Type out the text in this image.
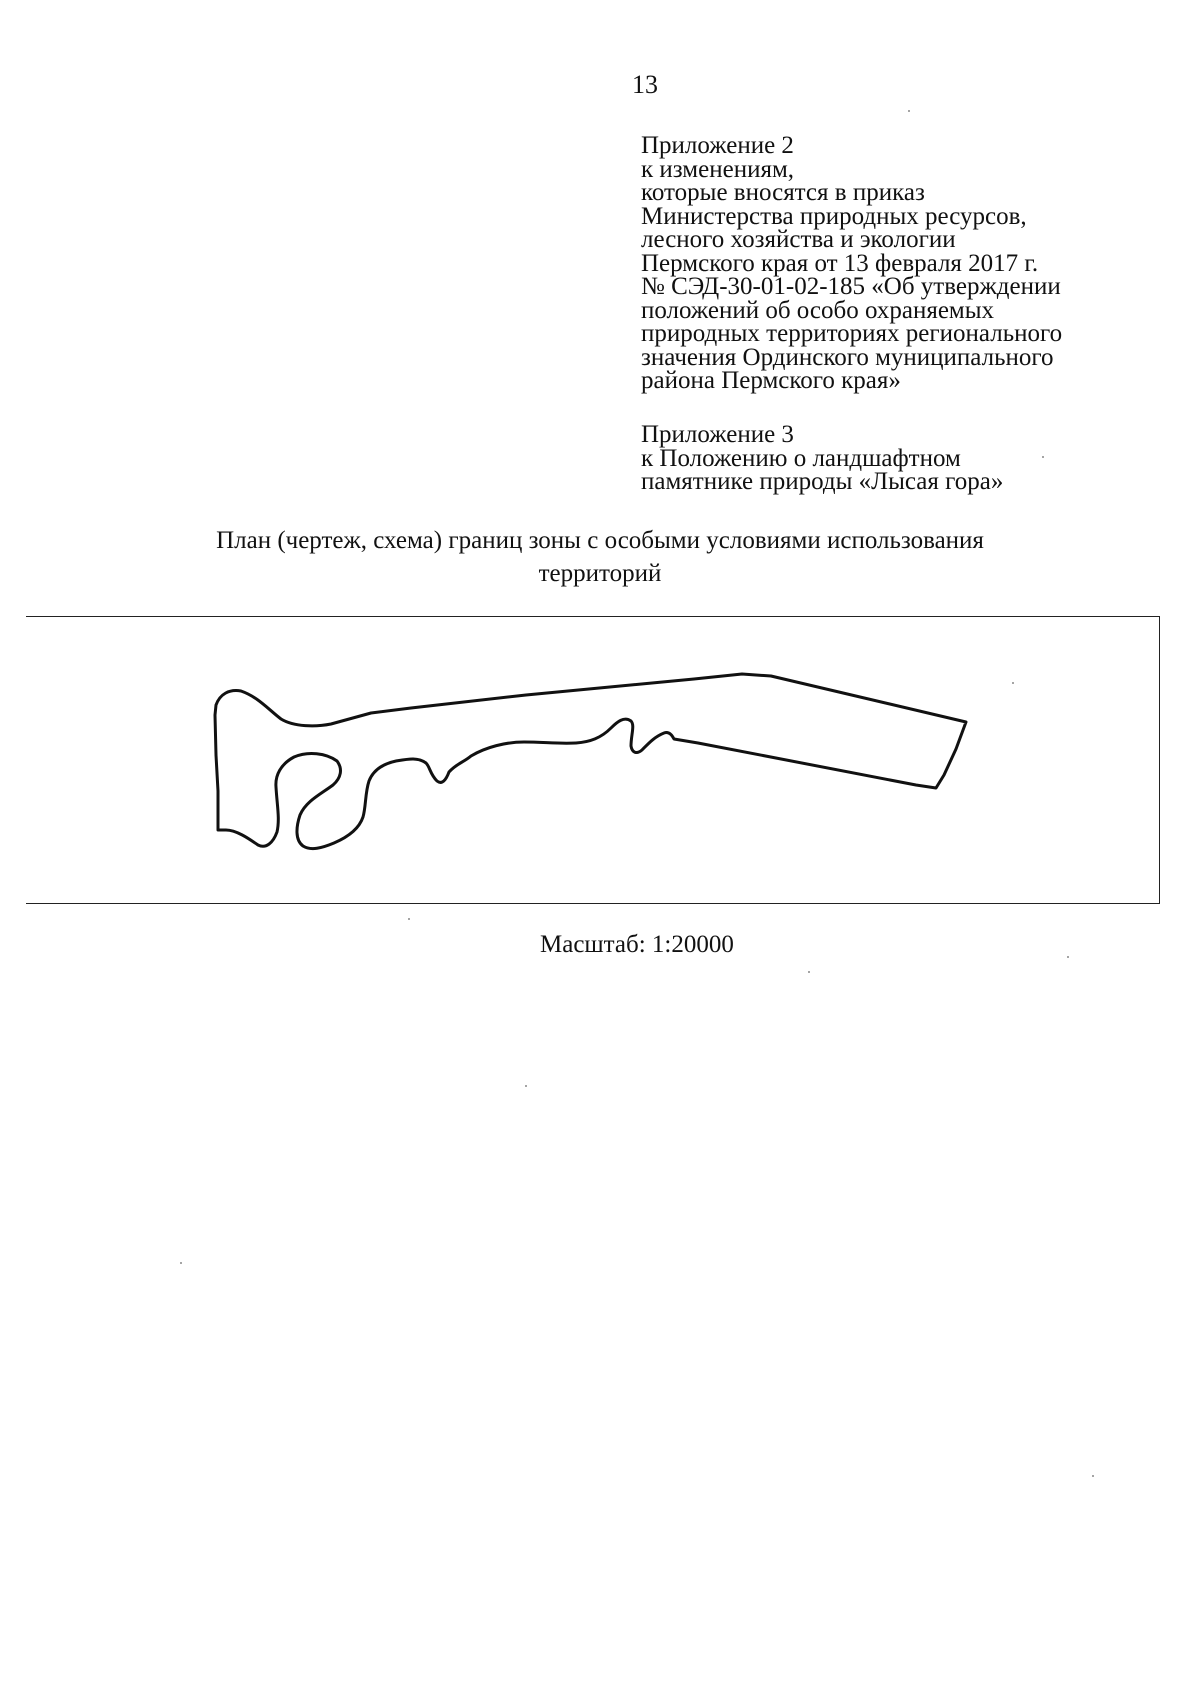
13
Приложение 2
к изменениям,
которые вносятся в приказ
Министерства природных ресурсов,
лесного хозяйства и экологии
Пермского края от 13 февраля 2017 г.
№ СЭД-30-01-02-185 «Об утверждении
положений об особо охраняемых
природных территориях регионального
значения Ординского муниципального
района Пермского края»
Приложение 3
к Положению о ландшафтном
памятнике природы «Лысая гора»
План (чертеж, схема) границ зоны с особыми условиями использования
территорий
Масштаб: 1:20000
